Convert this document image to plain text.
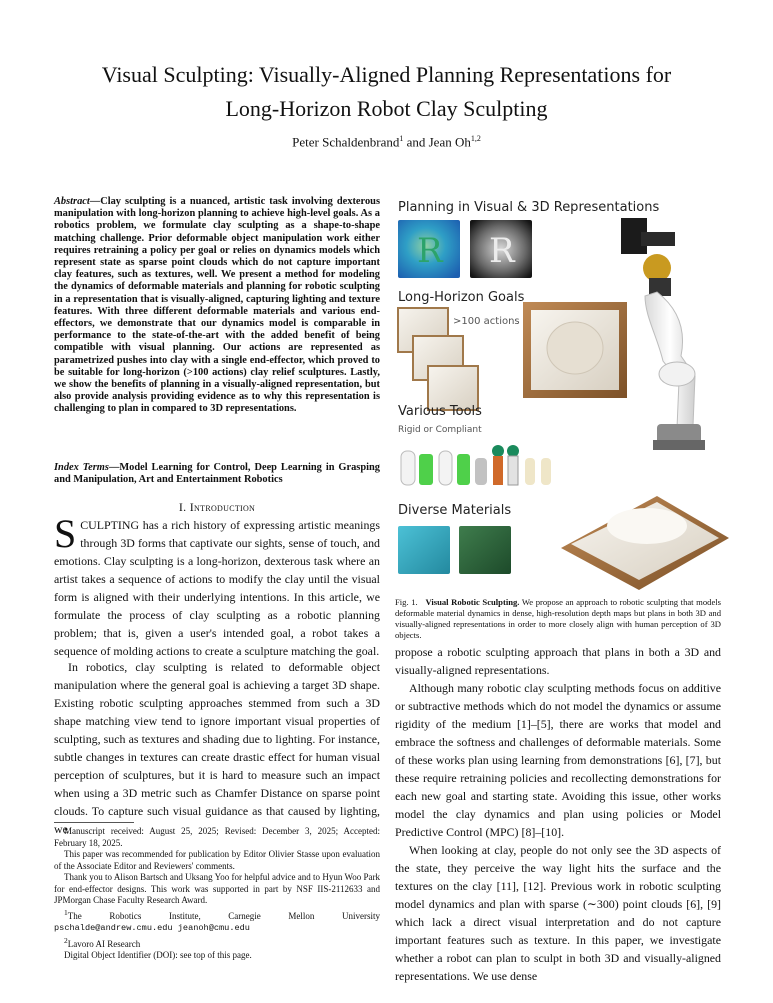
Visual Sculpting: Visually-Aligned Planning Representations for
Long-Horizon Robot Clay Sculpting
Peter Schaldenbrand$^1$ and Jean Oh$^{1,2}$
Abstract—Clay sculpting is a nuanced, artistic task involving dexterous manipulation with long-horizon planning to achieve high-level goals. As a robotics problem, we formulate clay sculpting as a shape-to-shape matching challenge. Prior deformable object manipulation work either requires retraining a policy per goal or relies on dynamics models which represent state as sparse point clouds which do not capture important clay features, such as textures, well. We present a method for modeling the dynamics of deformable materials and planning for robotic sculpting in a representation that is visually-aligned, capturing lighting and texture features. With three different deformable materials and various end-effectors, we demonstrate that our dynamics model is comparable in performance to the state-of-the-art with the added benefit of being compatible with visual planning. Our actions are represented as parametrized pushes into clay with a single end-effector, which proved to be suitable for long-horizon (>100 actions) clay relief sculptures. Lastly, we show the benefits of planning in a visually-aligned representation, but also provide analysis providing evidence as to why this representation is challenging to plan in compared to 3D representations.
Index Terms—Model Learning for Control, Deep Learning in Grasping and Manipulation, Art and Entertainment Robotics
I. Introduction
SCULPTING has a rich history of expressing artistic meanings through 3D forms that captivate our sights, sense of touch, and emotions. Clay sculpting is a long-horizon, dexterous task where an artist takes a sequence of actions to modify the clay until the visual form is aligned with their underlying intentions. In this article, we formulate the process of clay sculpting as a robotic planning problem; that is, given a user's intended goal, a robot takes a sequence of molding actions to create a sculpture matching the goal.

In robotics, clay sculpting is related to deformable object manipulation where the general goal is achieving a target 3D shape. Existing robotic sculpting approaches stemmed from such a 3D shape matching view tend to ignore important visual properties of sculpting, such as textures and shading due to lighting. For instance, subtle changes in textures can create drastic effect for human visual perception of sculptures, but it is hard to measure such an impact when using a 3D metric such as Chamfer Distance on sparse point clouds. To capture such visual guidance as that caused by lighting, we

Manuscript received: August 25, 2025; Revised: December 3, 2025; Accepted: February 18, 2025.

This paper was recommended for publication by Editor Olivier Stasse upon evaluation of the Associate Editor and Reviewers' comments.

Thank you to Alison Bartsch and Uksang Yoo for helpful advice and to Hyun Woo Park for end-effector designs. This work was supported in part by NSF IIS-2112633 and JPMorgan Chase Faculty Research Award.

$^1$The Robotics Institute, Carnegie Mellon University

pschalde@andrew.cmu.edu jeanoh@cmu.edu

$^2$Lavoro AI Research

Digital Object Identifier (DOI): see top of this page.

R R
Planning in Visual & 3D Representations
Long-Horizon Goals
>100 actions
Various Tools
Rigid or Compliant
Diverse Materials
Fig. 1. Visual Robotic Sculpting. We propose an approach to robotic sculpting that models deformable material dynamics in dense, high-resolution depth maps but plans in both 3D and visually-aligned representations in order to more closely align with human perception of 3D objects.

propose a robotic sculpting approach that plans in both a 3D and visually-aligned representations.

Although many robotic clay sculpting methods focus on additive or subtractive methods which do not model the dynamics or assume rigidity of the medium [1]–[5], there are works that model and embrace the softness and challenges of deformable materials. Some of these works plan using learning from demonstrations [6], [7], but these require retraining policies and recollecting demonstrations for each new goal and starting state. Avoiding this issue, other works model the clay dynamics and plan using policies or Model Predictive Control (MPC) [8]–[10].

When looking at clay, people do not only see the 3D aspects of the state, they perceive the way light hits the surface and the textures on the clay [11], [12]. Previous work in robotic sculpting model dynamics and plan with sparse (∼300) point clouds [6], [9] which lack a direct visual interpretation and do not capture important features such as texture. In this paper, we investigate whether a robot can plan to sculpt in both 3D and visually-aligned representations. We use dense
